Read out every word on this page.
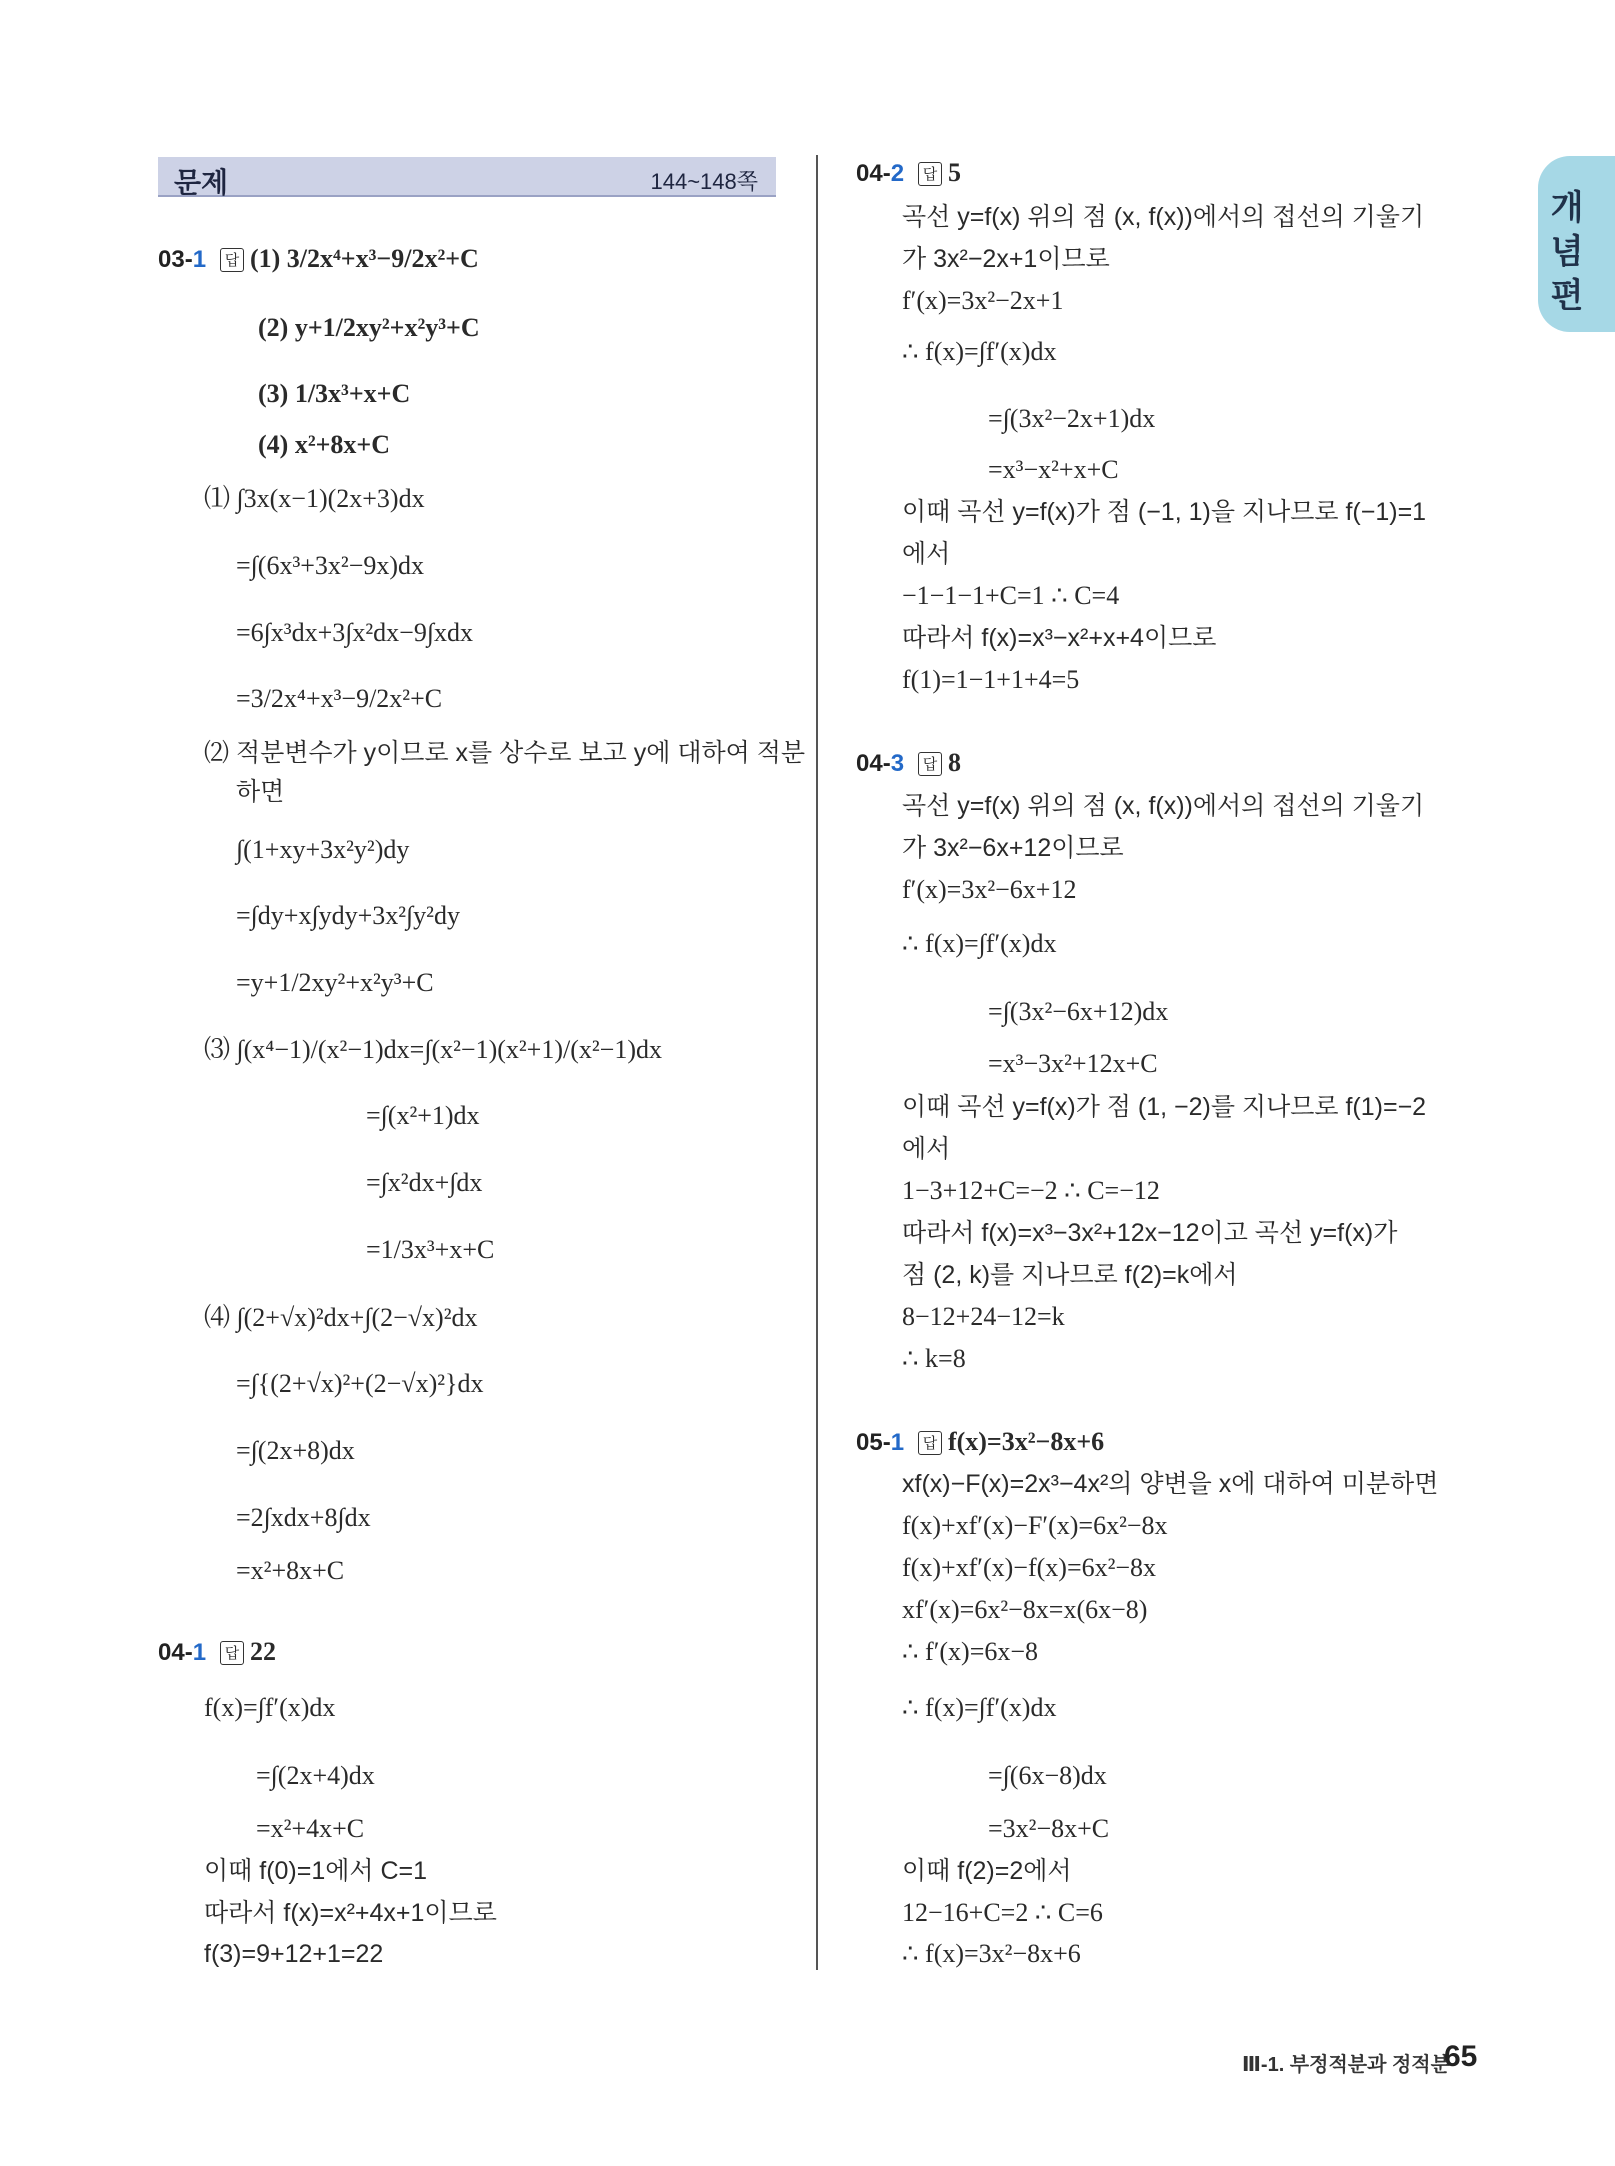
문제	144~148쪽
개
념
편
03-1 답 (1) 3/2x⁴+x³−9/2x²+C
(2) y+1/2xy²+x²y³+C
(3) 1/3x³+x+C
(4) x²+8x+C
⑴ ∫3x(x−1)(2x+3)dx
=∫(6x³+3x²−9x)dx
=6∫x³dx+3∫x²dx−9∫xdx
=3/2x⁴+x³−9/2x²+C
⑵ 적분변수가 y이므로 x를 상수로 보고 y에 대하여 적분
하면
∫(1+xy+3x²y²)dy
=∫dy+x∫ydy+3x²∫y²dy
=y+1/2xy²+x²y³+C
⑶ ∫(x⁴−1)/(x²−1)dx=∫(x²−1)(x²+1)/(x²−1)dx
=∫(x²+1)dx
=∫x²dx+∫dx
=1/3x³+x+C
⑷ ∫(2+√x)²dx+∫(2−√x)²dx
=∫{(2+√x)²+(2−√x)²}dx
=∫(2x+8)dx
=2∫xdx+8∫dx
=x²+8x+C
04-1 답 22
f(x)=∫f′(x)dx
=∫(2x+4)dx
=x²+4x+C
이때 f(0)=1에서 C=1
따라서 f(x)=x²+4x+1이므로
f(3)=9+12+1=22
04-2 답 5
곡선 y=f(x) 위의 점 (x, f(x))에서의 접선의 기울기
가 3x²−2x+1이므로
f′(x)=3x²−2x+1
∴ f(x)=∫f′(x)dx
=∫(3x²−2x+1)dx
=x³−x²+x+C
이때 곡선 y=f(x)가 점 (−1, 1)을 지나므로 f(−1)=1
에서
−1−1−1+C=1 ∴ C=4
따라서 f(x)=x³−x²+x+4이므로
f(1)=1−1+1+4=5
04-3 답 8
곡선 y=f(x) 위의 점 (x, f(x))에서의 접선의 기울기
가 3x²−6x+12이므로
f′(x)=3x²−6x+12
∴ f(x)=∫f′(x)dx
=∫(3x²−6x+12)dx
=x³−3x²+12x+C
이때 곡선 y=f(x)가 점 (1, −2)를 지나므로 f(1)=−2
에서
1−3+12+C=−2 ∴ C=−12
따라서 f(x)=x³−3x²+12x−12이고 곡선 y=f(x)가
점 (2, k)를 지나므로 f(2)=k에서
8−12+24−12=k
∴ k=8
05-1 답 f(x)=3x²−8x+6
xf(x)−F(x)=2x³−4x²의 양변을 x에 대하여 미분하면
f(x)+xf′(x)−F′(x)=6x²−8x
f(x)+xf′(x)−f(x)=6x²−8x
xf′(x)=6x²−8x=x(6x−8)
∴ f′(x)=6x−8
∴ f(x)=∫f′(x)dx
=∫(6x−8)dx
=3x²−8x+C
이때 f(2)=2에서
12−16+C=2 ∴ C=6
∴ f(x)=3x²−8x+6
Ⅲ-1. 부정적분과 정적분
65
